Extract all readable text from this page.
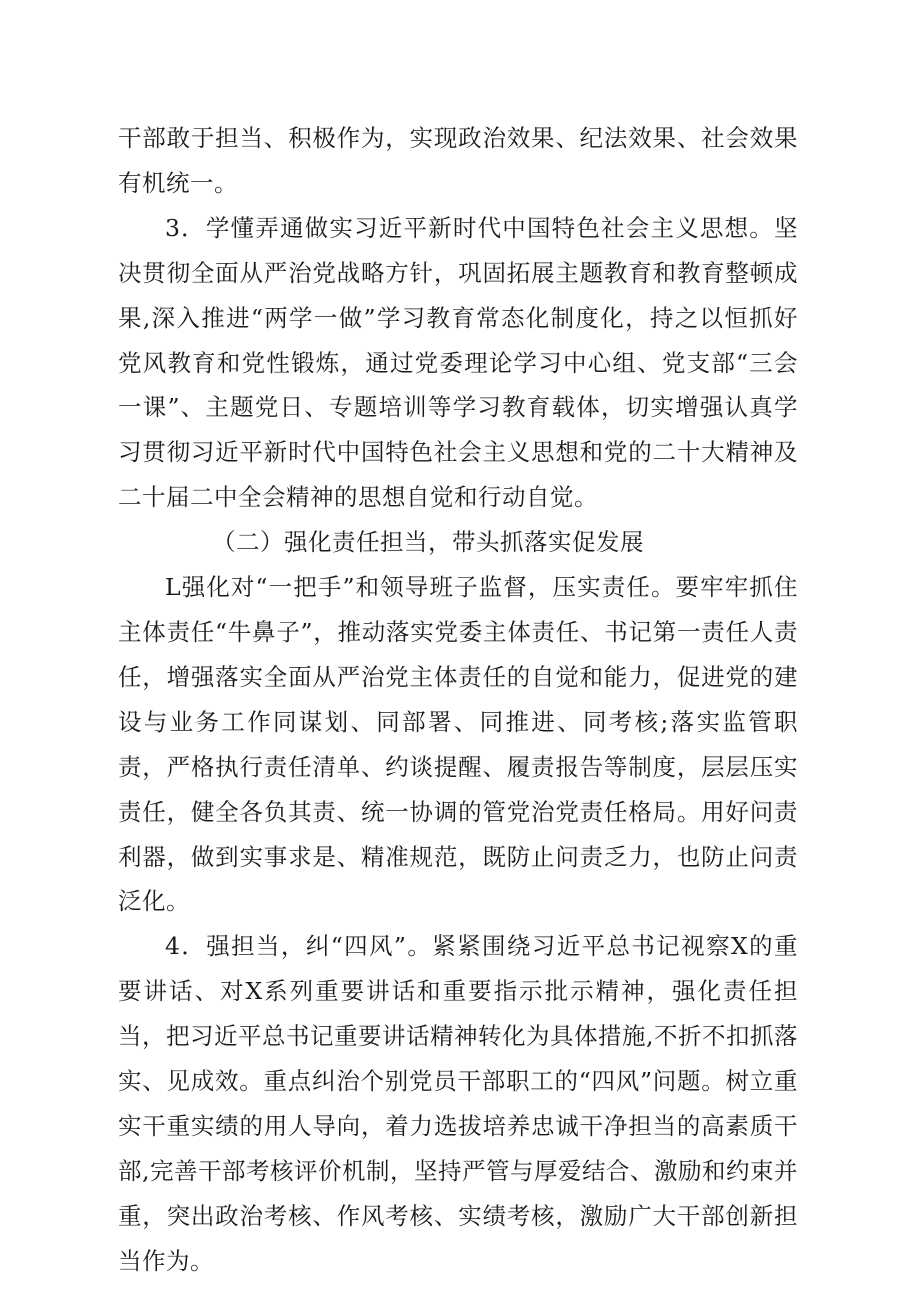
干部敢于担当、积极作为，实现政治效果、纪法效果、社会效果有机统一。

3．学懂弄通做实习近平新时代中国特色社会主义思想。坚决贯彻全面从严治党战略方针，巩固拓展主题教育和教育整顿成果,深入推进“两学一做”学习教育常态化制度化，持之以恒抓好党风教育和党性锻炼，通过党委理论学习中心组、党支部“三会一课”、主题党日、专题培训等学习教育载体，切实增强认真学习贯彻习近平新时代中国特色社会主义思想和党的二十大精神及二十届二中全会精神的思想自觉和行动自觉。

（二）强化责任担当，带头抓落实促发展

L强化对“一把手”和领导班子监督，压实责任。要牢牢抓住主体责任“牛鼻子”，推动落实党委主体责任、书记第一责任人责任，增强落实全面从严治党主体责任的自觉和能力，促进党的建设与业务工作同谋划、同部署、同推进、同考核;落实监管职责，严格执行责任清单、约谈提醒、履责报告等制度，层层压实责任，健全各负其责、统一协调的管党治党责任格局。用好问责利器，做到实事求是、精准规范，既防止问责乏力，也防止问责泛化。

4．强担当，纠“四风”。紧紧围绕习近平总书记视察X的重要讲话、对X系列重要讲话和重要指示批示精神，强化责任担当，把习近平总书记重要讲话精神转化为具体措施,不折不扣抓落实、见成效。重点纠治个别党员干部职工的“四风”问题。树立重实干重实绩的用人导向，着力选拔培养忠诚干净担当的高素质干部,完善干部考核评价机制，坚持严管与厚爱结合、激励和约束并重，突出政治考核、作风考核、实绩考核，激励广大干部创新担当作为。
